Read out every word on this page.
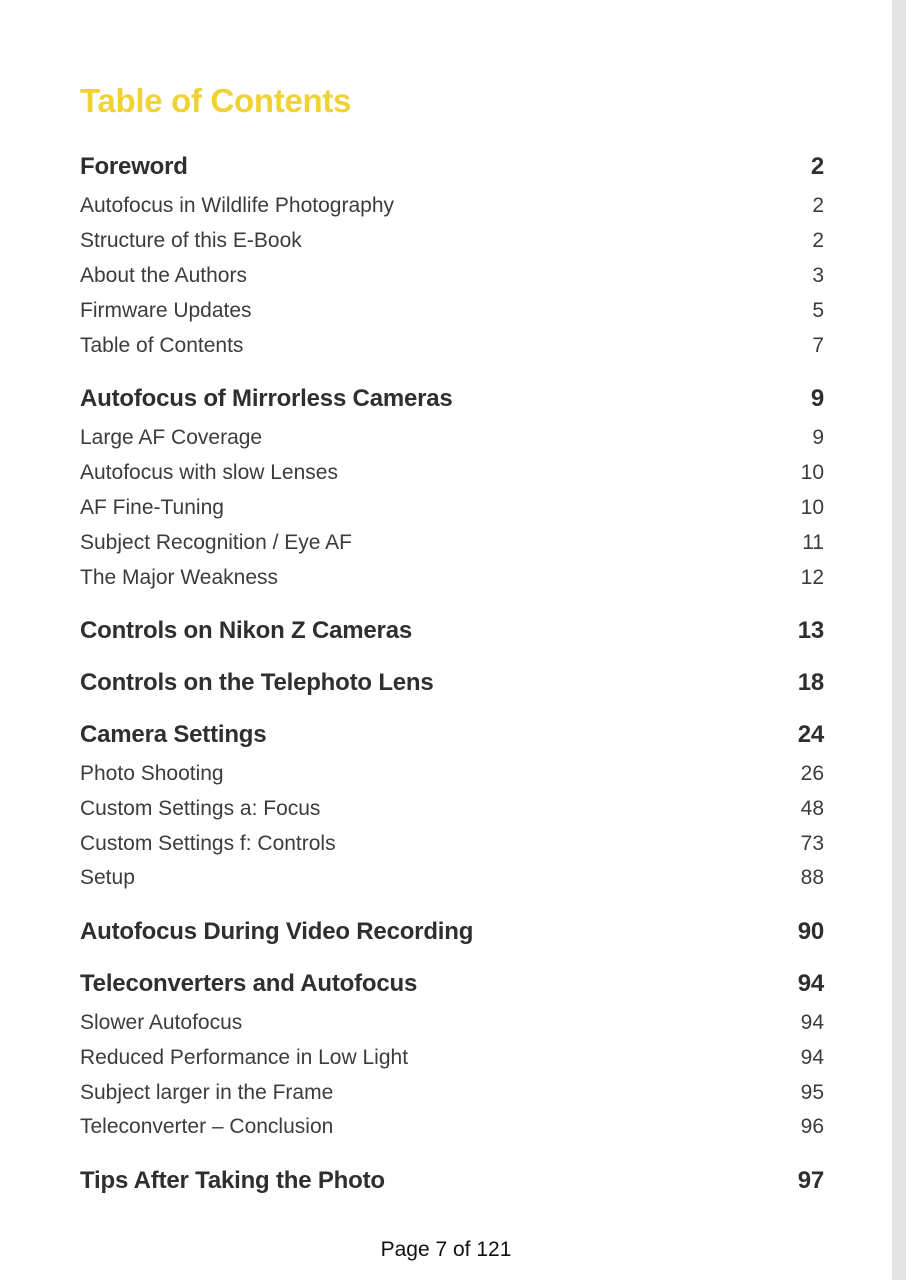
Table of Contents
Foreword	2
Autofocus in Wildlife Photography	2
Structure of this E-Book	2
About the Authors	3
Firmware Updates	5
Table of Contents	7
Autofocus of Mirrorless Cameras	9
Large AF Coverage	9
Autofocus with slow Lenses	10
AF Fine-Tuning	10
Subject Recognition / Eye AF	11
The Major Weakness	12
Controls on Nikon Z Cameras	13
Controls on the Telephoto Lens	18
Camera Settings	24
Photo Shooting	26
Custom Settings a: Focus	48
Custom Settings f: Controls	73
Setup	88
Autofocus During Video Recording	90
Teleconverters and Autofocus	94
Slower Autofocus	94
Reduced Performance in Low Light	94
Subject larger in the Frame	95
Teleconverter – Conclusion	96
Tips After Taking the Photo	97
Page 7 of 121
